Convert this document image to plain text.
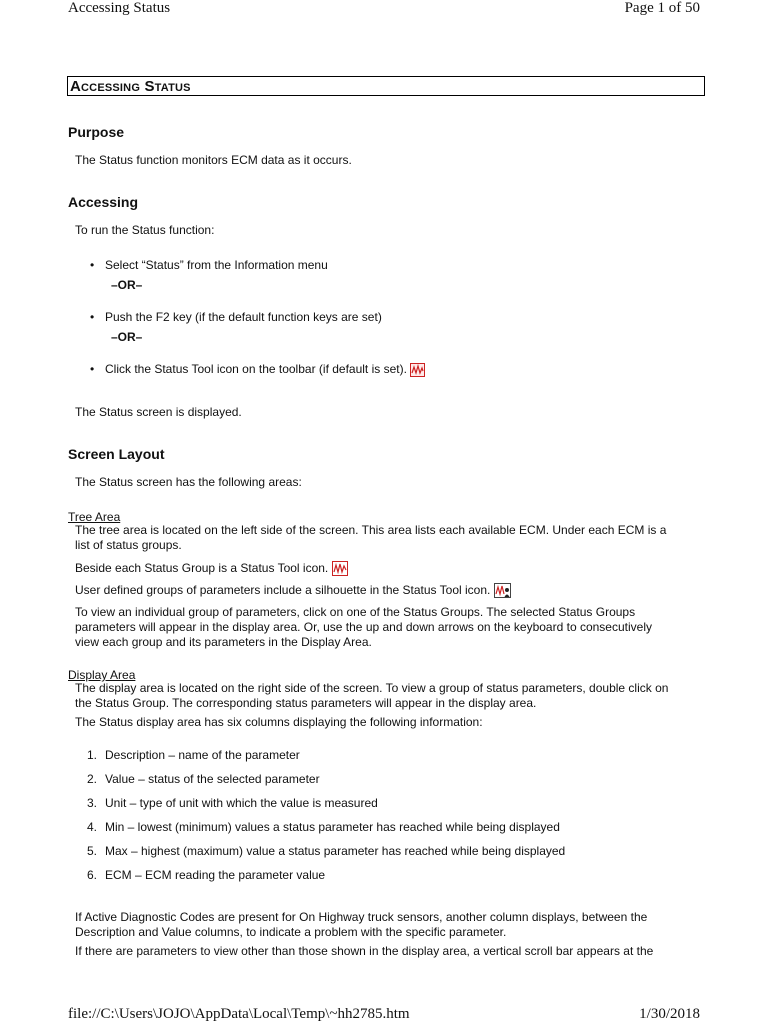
Accessing Status	Page 1 of 50
Accessing Status
Purpose
The Status function monitors ECM data as it occurs.
Accessing
To run the Status function:
• Select “Status” from the Information menu
–OR–
• Push the F2 key (if the default function keys are set)
–OR–
• Click the Status Tool icon on the toolbar (if default is set).
The Status screen is displayed.
Screen Layout
The Status screen has the following areas:
Tree Area
The tree area is located on the left side of the screen. This area lists each available ECM. Under each ECM is a
list of status groups.
Beside each Status Group is a Status Tool icon.
User defined groups of parameters include a silhouette in the Status Tool icon.
To view an individual group of parameters, click on one of the Status Groups. The selected Status Groups
parameters will appear in the display area. Or, use the up and down arrows on the keyboard to consecutively
view each group and its parameters in the Display Area.
Display Area
The display area is located on the right side of the screen. To view a group of status parameters, double click on
the Status Group. The corresponding status parameters will appear in the display area.
The Status display area has six columns displaying the following information:
1. Description – name of the parameter
2. Value – status of the selected parameter
3. Unit – type of unit with which the value is measured
4. Min – lowest (minimum) values a status parameter has reached while being displayed
5. Max – highest (maximum) value a status parameter has reached while being displayed
6. ECM – ECM reading the parameter value
If Active Diagnostic Codes are present for On Highway truck sensors, another column displays, between the
Description and Value columns, to indicate a problem with the specific parameter.
If there are parameters to view other than those shown in the display area, a vertical scroll bar appears at the
file://C:\Users\JOJO\AppData\Local\Temp\~hh2785.htm	1/30/2018
